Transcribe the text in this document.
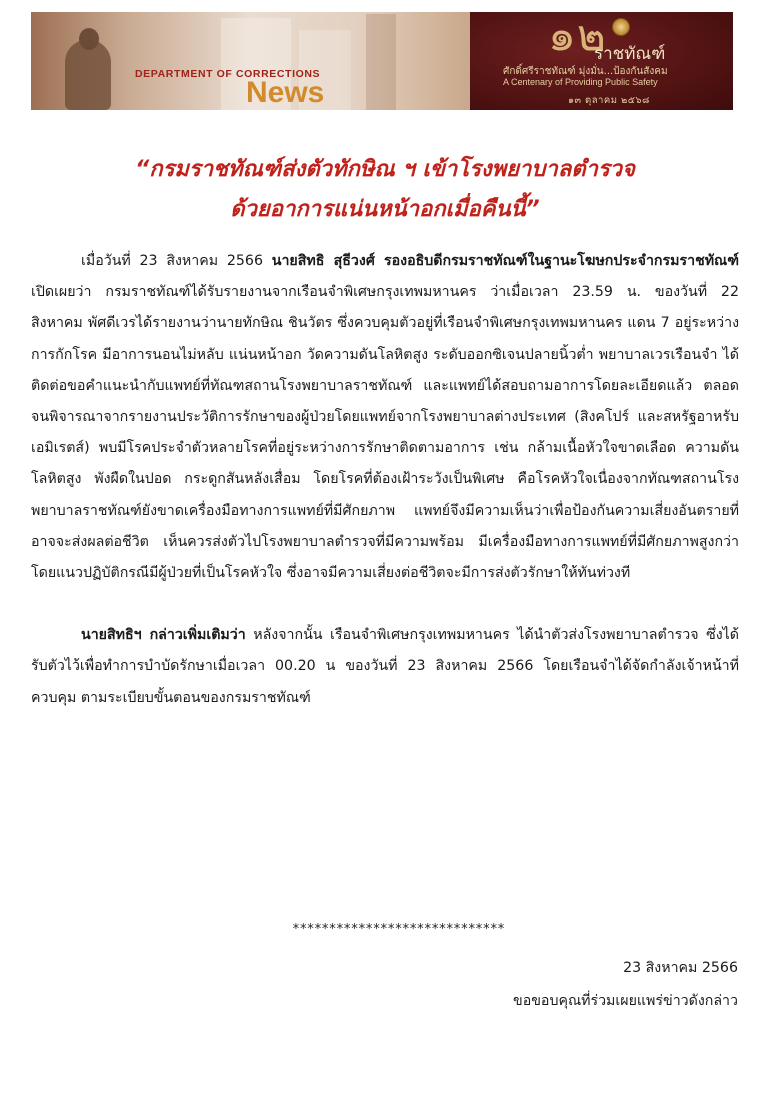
DEPARTMENT OF CORRECTIONS
News
๑๒
ราชทัณฑ์
ศักดิ์ศรีราชทัณฑ์ มุ่งมั่น...ป้องกันสังคม
A Centenary of Providing Public Safety
๑๓ ตุลาคม ๒๕๖๘
“กรมราชทัณฑ์ส่งตัวทักษิณ ฯ เข้าโรงพยาบาลตำรวจ
ด้วยอาการแน่นหน้าอกเมื่อคืนนี้”

เมื่อวันที่ 23 สิงหาคม 2566 นายสิทธิ สุธีวงศ์ รองอธิบดีกรมราชทัณฑ์ในฐานะโฆษกประจำกรมราชทัณฑ์ เปิดเผยว่า กรมราชทัณฑ์ได้รับรายงานจากเรือนจำพิเศษกรุงเทพมหานคร ว่าเมื่อเวลา 23.59 น. ของวันที่ 22 สิงหาคม พัศดีเวรได้รายงานว่านายทักษิณ ชินวัตร ซึ่งควบคุมตัวอยู่ที่เรือนจำพิเศษกรุงเทพมหานคร แดน 7 อยู่ระหว่างการกักโรค มีอาการนอนไม่หลับ แน่นหน้าอก วัดความดันโลหิตสูง ระดับออกซิเจนปลายนิ้วต่ำ พยาบาลเวรเรือนจำ ได้ติดต่อขอคำแนะนำกับแพทย์ที่ทัณฑสถานโรงพยาบาลราชทัณฑ์ และแพทย์ได้สอบถามอาการโดยละเอียดแล้ว ตลอดจนพิจารณาจากรายงานประวัติการรักษาของผู้ป่วยโดยแพทย์จากโรงพยาบาลต่างประเทศ (สิงคโปร์ และสหรัฐอาหรับเอมิเรตส์) พบมีโรคประจำตัวหลายโรคที่อยู่ระหว่างการรักษาติดตามอาการ เช่น กล้ามเนื้อหัวใจขาดเลือด ความดันโลหิตสูง พังผืดในปอด กระดูกสันหลังเสื่อม โดยโรคที่ต้องเฝ้าระวังเป็นพิเศษ คือโรคหัวใจเนื่องจากทัณฑสถานโรงพยาบาลราชทัณฑ์ยังขาดเครื่องมือทางการแพทย์ที่มีศักยภาพ แพทย์จึงมีความเห็นว่าเพื่อป้องกันความเสี่ยงอันตรายที่อาจจะส่งผลต่อชีวิต เห็นควรส่งตัวไปโรงพยาบาลตำรวจที่มีความพร้อม มีเครื่องมือทางการแพทย์ที่มีศักยภาพสูงกว่า โดยแนวปฏิบัติกรณีมีผู้ป่วยที่เป็นโรคหัวใจ ซึ่งอาจมีความเสี่ยงต่อชีวิตจะมีการส่งตัวรักษาให้ทันท่วงที

นายสิทธิฯ กล่าวเพิ่มเติมว่า หลังจากนั้น เรือนจำพิเศษกรุงเทพมหานคร ได้นำตัวส่งโรงพยาบาลตำรวจ ซึ่งได้รับตัวไว้เพื่อทำการบำบัดรักษาเมื่อเวลา 00.20 น ของวันที่ 23 สิงหาคม 2566 โดยเรือนจำได้จัดกำลังเจ้าหน้าที่ควบคุม ตามระเบียบขั้นตอนของกรมราชทัณฑ์

*****************************
23 สิงหาคม 2566
ขอขอบคุณที่ร่วมเผยแพร่ข่าวดังกล่าว
